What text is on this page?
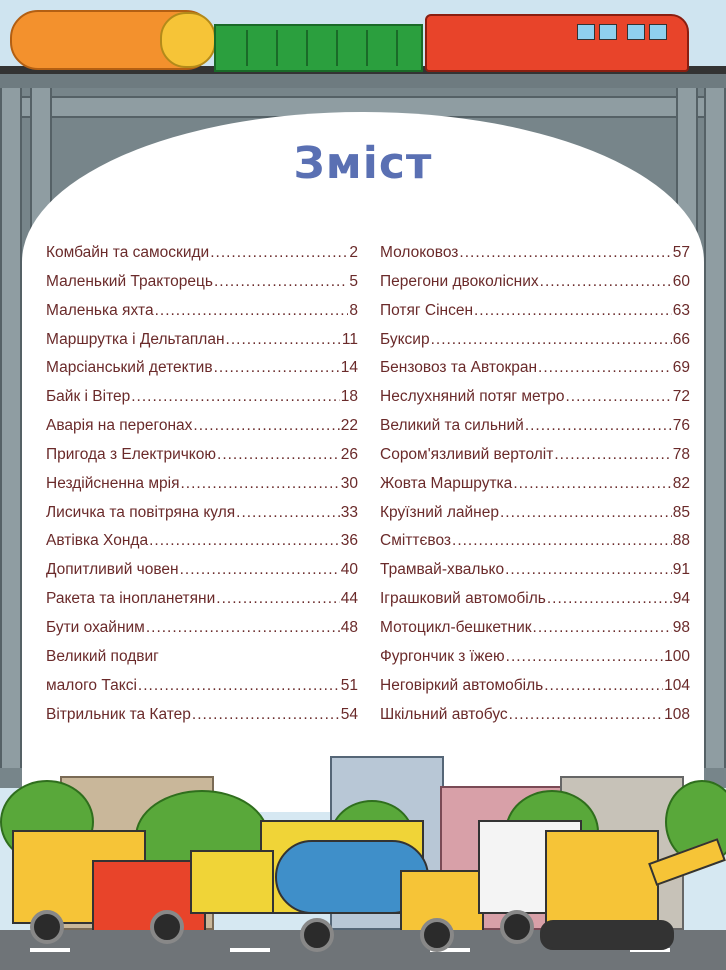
Зміст
Комбайн та самоскиди .....	2
Маленький Тракторець .....	5
Маленька яхта .....	8
Маршрутка і Дельтаплан .....	11
Марсіанський детектив .....	14
Байк і Вітер .....	18
Аварія на перегонах .....	22
Пригода з Електричкою .....	26
Нездійсненна мрія .....	30
Лисичка та повітряна куля .....	33
Автівка Хонда .....	36
Допитливий човен .....	40
Ракета та інопланетяни .....	44
Бути охайним .....	48
Великий подвиг
малого Таксі .....	51
Вітрильник та Катер .....	54
Молоковоз .....	57
Перегони двоколісних .....	60
Потяг Сінсен .....	63
Буксир .....	66
Бензовоз та Автокран .....	69
Неслухняний потяг метро .....	72
Великий та сильний .....	76
Сором'язливий вертоліт .....	78
Жовта Маршрутка .....	82
Круїзний лайнер .....	85
Сміттєвоз .....	88
Трамвай-хвалько .....	91
Іграшковий автомобіль .....	94
Мотоцикл-бешкетник .....	98
Фургончик з їжею .....	100
Неговіркий автомобіль .....	104
Шкільний автобус .....	108
